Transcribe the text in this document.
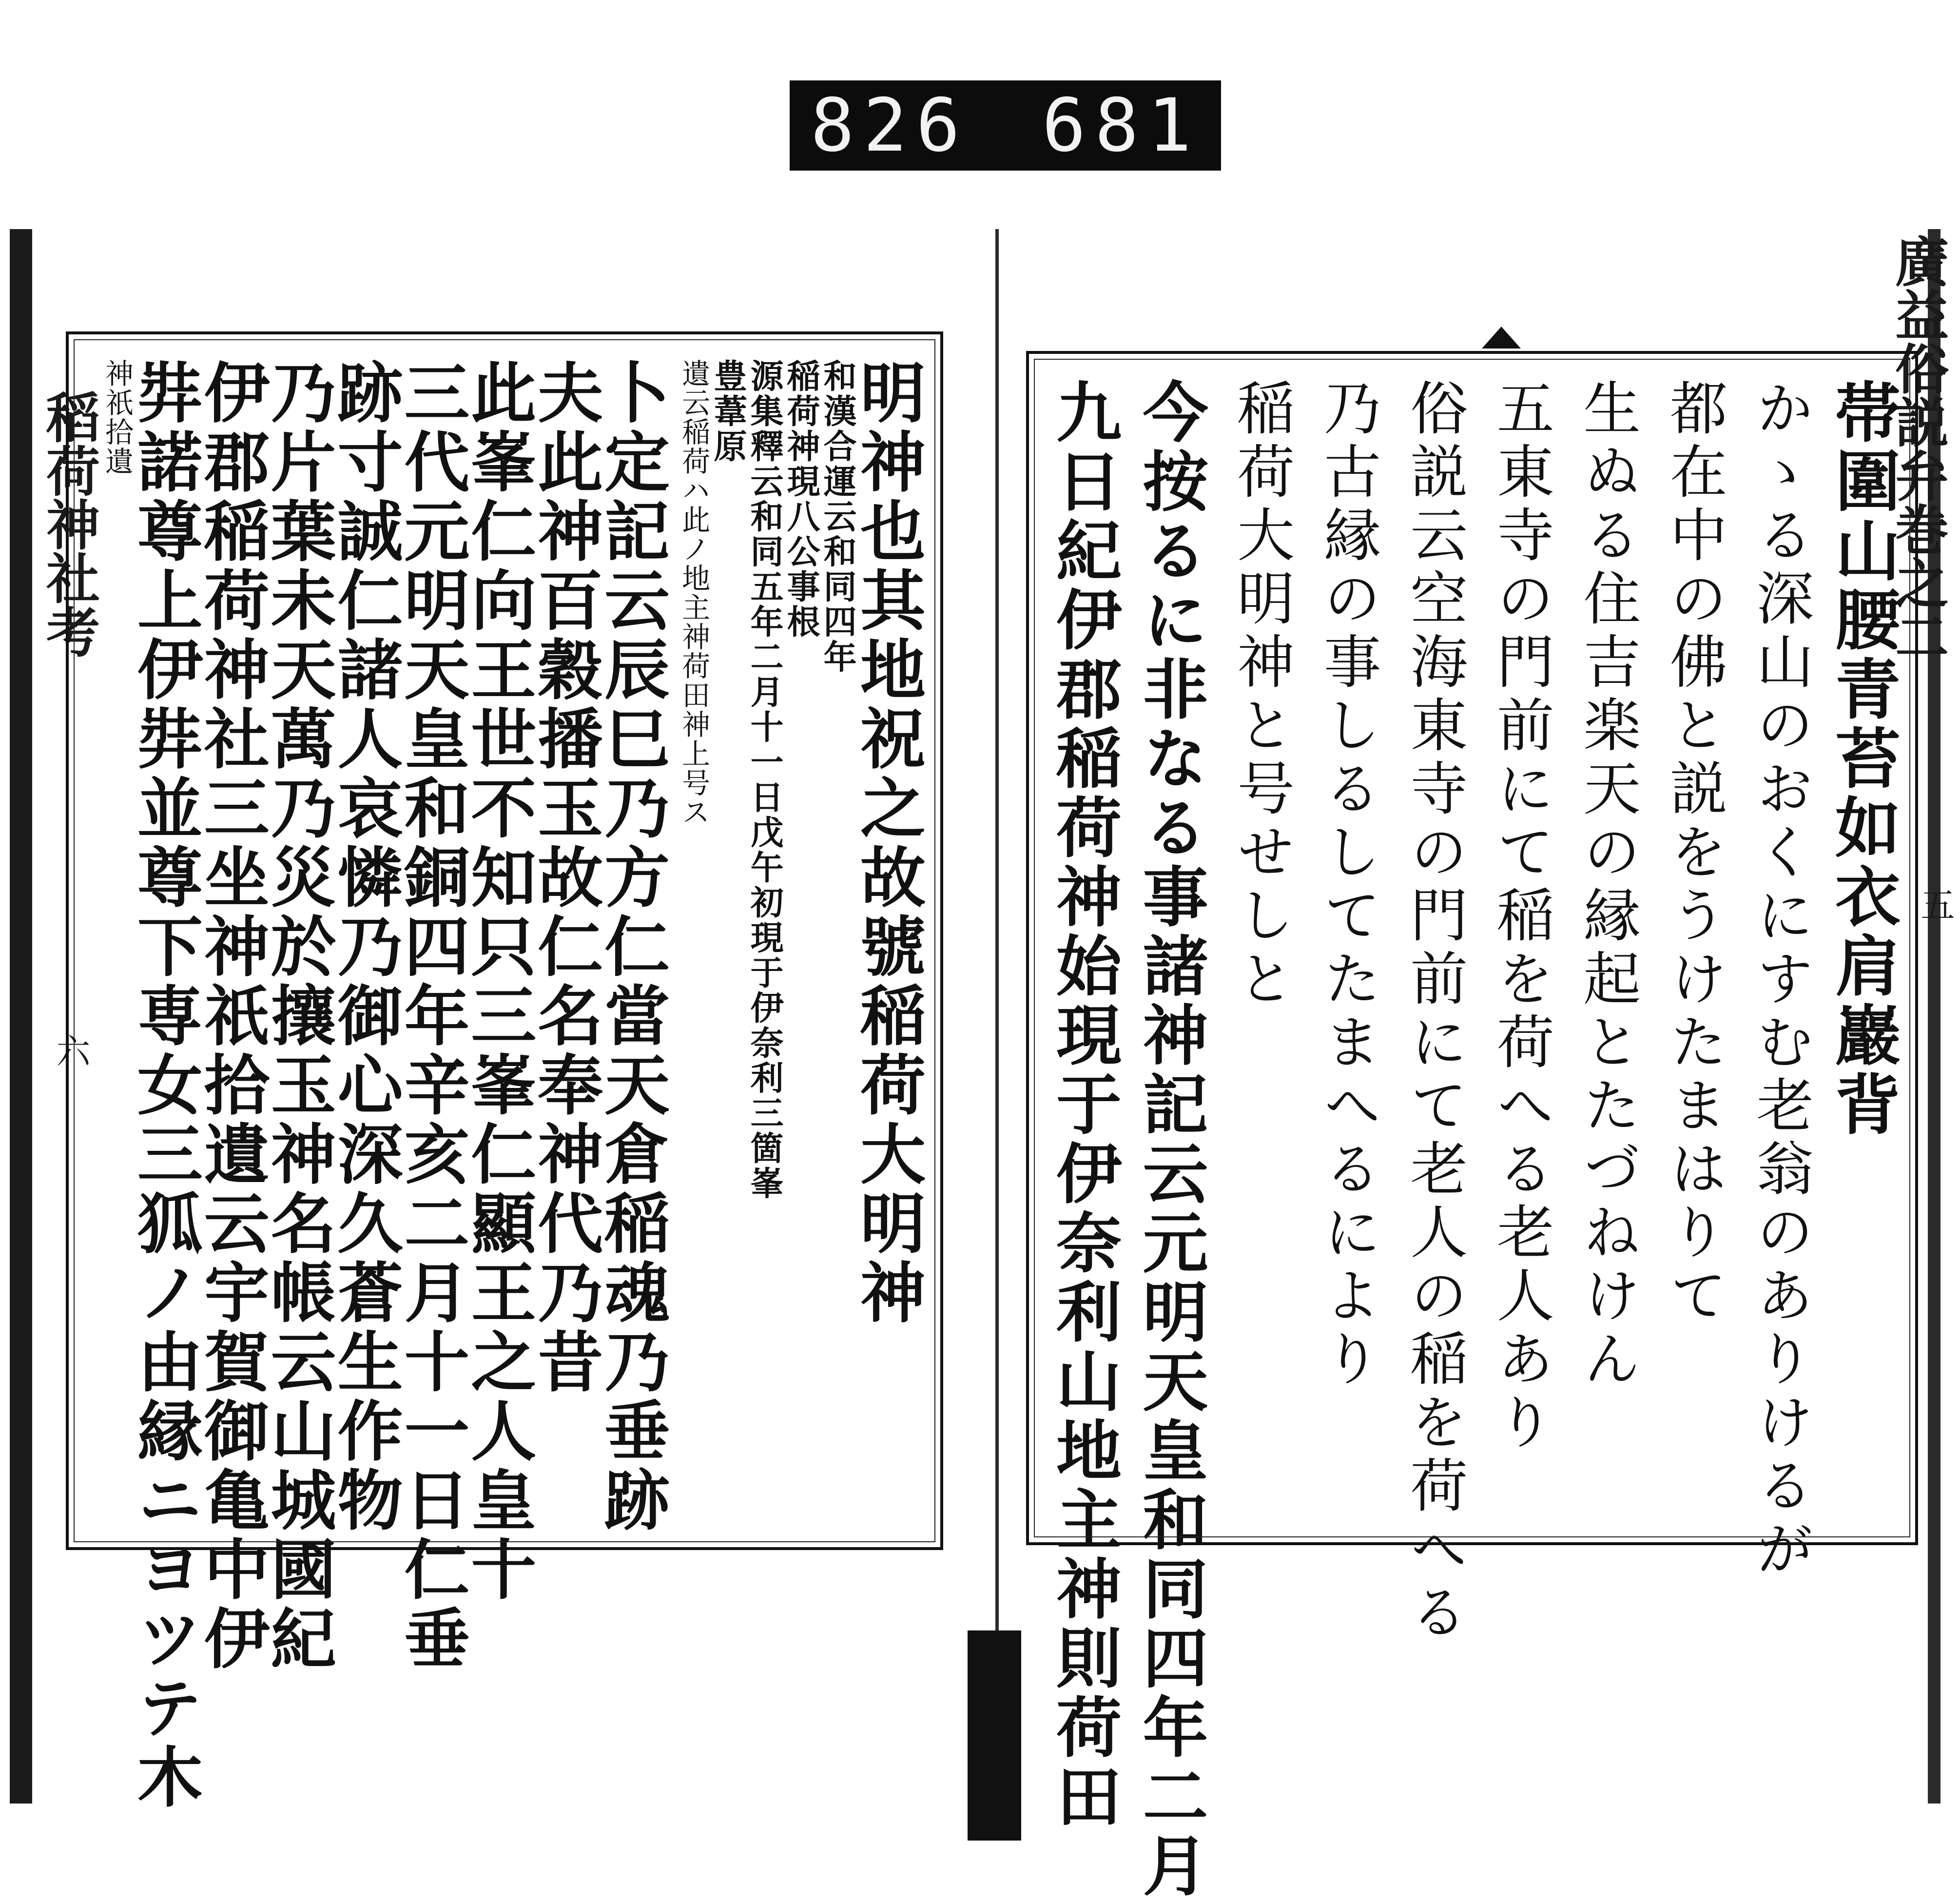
826 681
稻荷神社考
六
廣益俗説弁巻之二
五
明神也其地祝之故號稲荷大明神
和漢合運云和同四年
稲荷神現八公事根
源集釋云和同五年二月十一日戊午初現于伊奈利三箇峯
豊葦原
遺云稲荷ハ此ノ地主神荷田神上号ス
卜定記云辰巳乃方仁當天倉稲魂乃垂跡
夫此神百穀播玉故仁名奉神代乃昔
此峯仁向王世不知只三峯仁顯王之人皇十
三代元明天皇和銅四年辛亥二月十一日仁垂
跡寸誠仁諸人哀憐乃御心深久蒼生作物
乃片葉未天萬乃災於攘玉神名帳云山城國紀
伊郡稲荷神社三坐神祇拾遺云宇賀御亀中伊
弉諾尊上伊弉並尊下専女三狐ノ由縁ニヨツテ木
神祇拾遺	帯圍山腰青苔如衣肩巖背
かゝる深山のおくにすむ老翁のありけるが
都在中の佛と説をうけたまはりて
生ぬる住吉楽天の縁起とたづねけん
五東寺の門前にて稲を荷へる老人あり
俗説云空海東寺の門前にて老人の稲を荷へる
乃古縁の事しるしてたまへるにより
稲荷大明神と号せしと
今按るに非なる事諸神記云元明天皇和同四年二月
九日紀伊郡稲荷神始現于伊奈利山地主神則荷田
